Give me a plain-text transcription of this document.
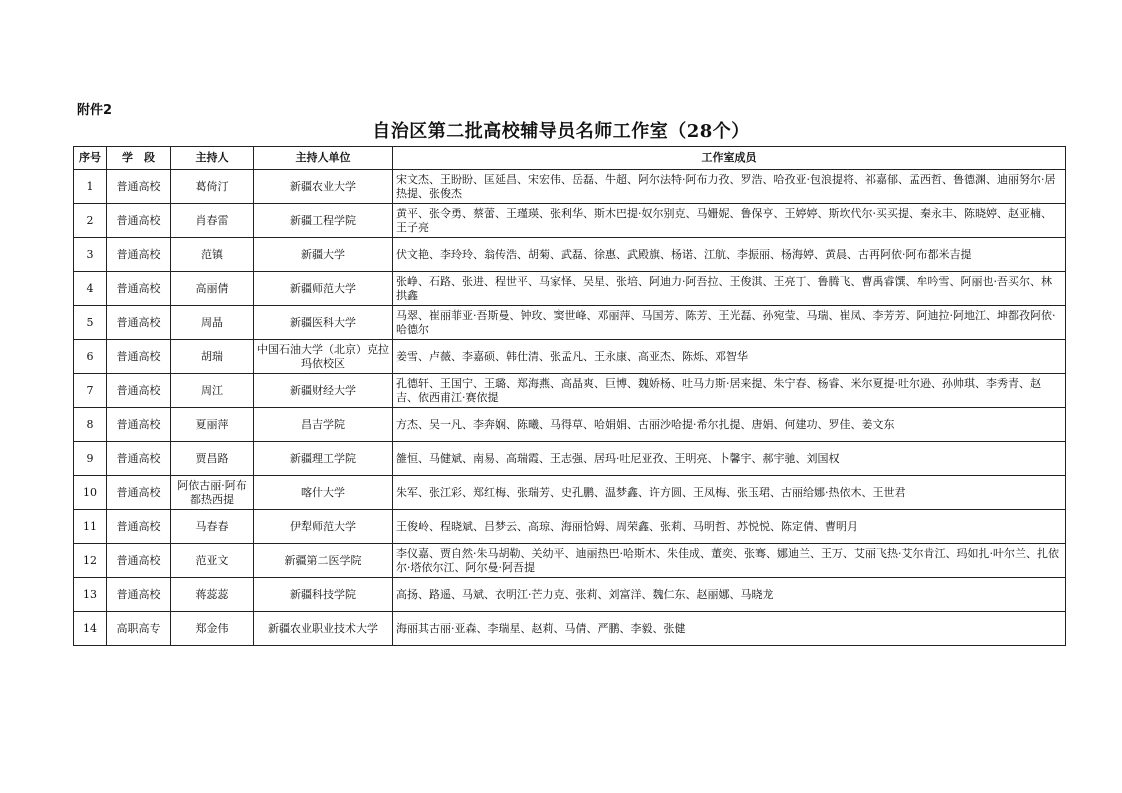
附件2
自治区第二批高校辅导员名师工作室（28个）
序号	学　段	主持人	主持人单位	工作室成员
1	普通高校	葛倚汀	新疆农业大学	宋文杰、王盼盼、匡延昌、宋宏伟、岳磊、牛超、阿尔法特·阿布力孜、罗浩、哈孜亚·包浪提将、祁嘉郁、孟西哲、鲁德渊、迪丽努尔·居热提、张俊杰
2	普通高校	肖春雷	新疆工程学院	黄平、张令勇、蔡蕾、王瑾瑛、张利华、斯木巴提·奴尔别克、马姗妮、鲁保亨、王婷婷、斯坎代尔·买买提、秦永丰、陈晓婷、赵亚楠、王子亮
3	普通高校	范镇	新疆大学	伏文艳、李玲玲、翁传浩、胡菊、武磊、徐惠、武殿旗、杨诺、江航、李振丽、杨海婷、黄晨、古再阿依·阿布都米吉提
4	普通高校	高丽倩	新疆师范大学	张峥、石路、张进、程世平、马家怿、吴星、张培、阿迪力·阿吾拉、王俊淇、王亮丁、鲁腾飞、曹禹睿馔、牟吟雪、阿丽也·吾买尔、林拱鑫
5	普通高校	周晶	新疆医科大学	马翠、崔丽菲亚·吾斯曼、钟玫、窦世峰、邓丽萍、马国芳、陈芳、王光磊、孙宛莹、马瑞、崔凤、李芳芳、阿迪拉·阿地江、坤都孜阿依·哈德尔
6	普通高校	胡瑞	中国石油大学（北京）克拉玛依校区	姜雪、卢薇、李嘉硕、韩仕清、张孟凡、王永康、高亚杰、陈烁、邓智华
7	普通高校	周江	新疆财经大学	孔德轩、王国宁、王璐、郑海燕、高晶爽、巨博、魏娇杨、吐马力斯·居来提、朱宁春、杨睿、米尔夏提·吐尔逊、孙帅琪、李秀青、赵吉、依西甫江·赛依提
8	普通高校	夏丽萍	昌吉学院	方杰、吴一凡、李奔娴、陈曦、马得草、哈娟娟、古丽沙哈提·希尔扎提、唐娟、何建功、罗佳、姜文东
9	普通高校	贾昌路	新疆理工学院	雒恒、马健斌、南易、高瑞霞、王志强、居玛·吐尼亚孜、王明亮、卜馨宇、郝宇驰、刘国权
10	普通高校	阿依古丽·阿布都热西提	喀什大学	朱军、张江彩、郑红梅、张瑞芳、史孔鹏、温梦鑫、许方圆、王凤梅、张玉珺、古丽给娜·热依木、王世君
11	普通高校	马春春	伊犁师范大学	王俊岭、程晓斌、吕梦云、高琼、海丽恰姆、周荣鑫、张莉、马明哲、苏悦悦、陈定倩、曹明月
12	普通高校	范亚文	新疆第二医学院	李仪嘉、贾自然·朱马胡勒、关幼平、迪丽热巴·哈斯木、朱佳成、董奕、张骞、娜迪兰、王万、艾丽飞热·艾尔肯江、玛如扎·叶尔兰、扎依尔·塔依尔江、阿尔曼·阿吾提
13	普通高校	蒋蕊蕊	新疆科技学院	高扬、路遥、马斌、衣明江·芒力克、张莉、刘富洋、魏仁东、赵丽娜、马晓龙
14	高职高专	郑金伟	新疆农业职业技术大学	海丽其古丽·亚森、李瑞星、赵莉、马倩、严鹏、李毅、张健
